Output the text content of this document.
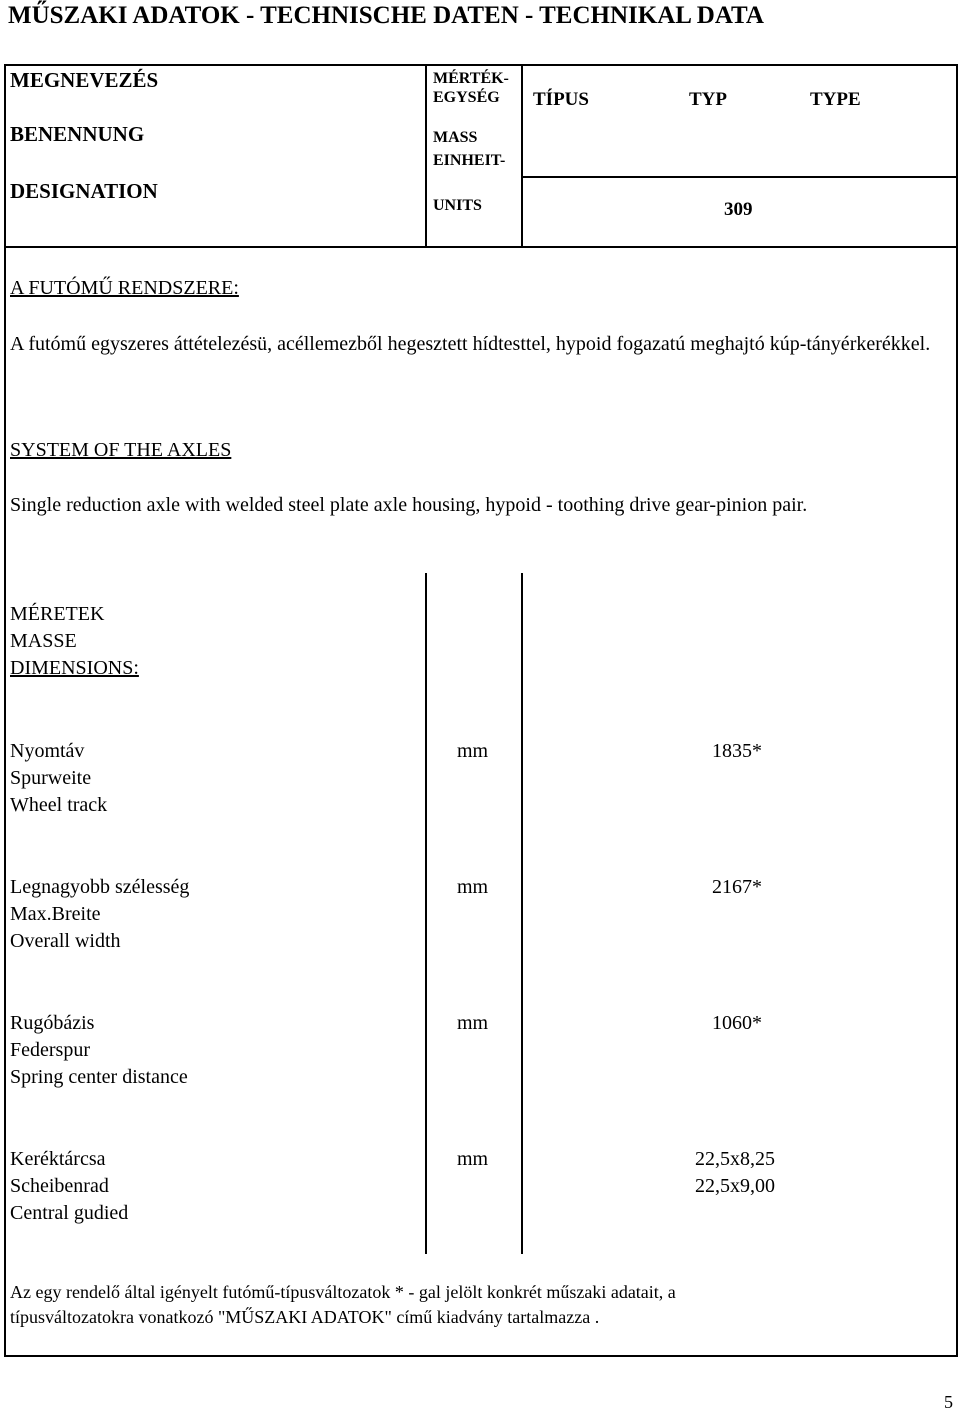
MŰSZAKI ADATOK - TECHNISCHE DATEN - TECHNIKAL DATA
MEGNEVEZÉS
BENENNUNG
DESIGNATION
MÉRTÉK-
EGYSÉG
MASS
EINHEIT-
UNITS
TÍPUS	TYP	TYPE
309
A FUTÓMŰ RENDSZERE:
A futómű egyszeres áttételezésü, acéllemezből hegesztett hídtesttel, hypoid fogazatú meghajtó kúp-tányérkerékkel.
SYSTEM OF THE AXLES
Single reduction axle with welded steel plate axle housing, hypoid - toothing drive gear-pinion pair.
MÉRETEK
MASSE
DIMENSIONS:
Nyomtáv
Spurweite
Wheel track
mm	1835*
Legnagyobb szélesség
Max.Breite
Overall width
mm	2167*
Rugóbázis
Federspur
Spring center distance
mm	1060*
Keréktárcsa
Scheibenrad
Central gudied
mm	22,5x8,25
22,5x9,00
Az egy rendelő által igényelt futómű-típusváltozatok * - gal jelölt konkrét műszaki adatait, a
típusváltozatokra vonatkozó "MŰSZAKI ADATOK" című kiadvány tartalmazza .
5
